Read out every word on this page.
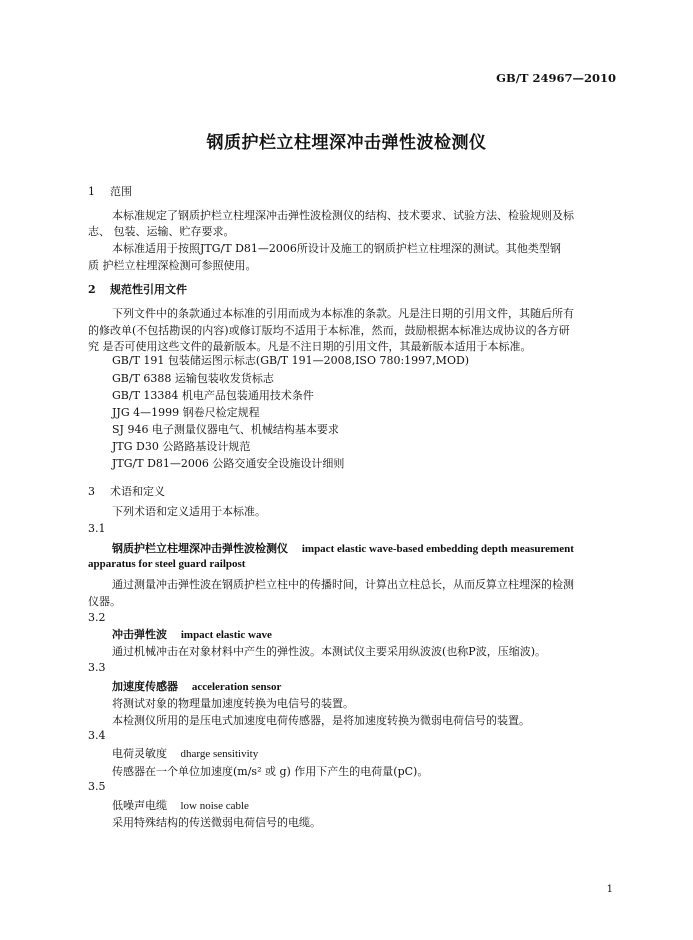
GB/T 24967—2010
钢质护栏立柱埋深冲击弹性波检测仪
1 范围
本标准规定了钢质护栏立柱埋深冲击弹性波检测仪的结构、技术要求、试验方法、检验规则及标
志、 包装、运输、贮存要求。
本标准适用于按照JTG/T D81—2006所设计及施工的钢质护栏立柱埋深的测试。其他类型钢
质 护栏立柱埋深检测可参照使用。
2 规范性引用文件
下列文件中的条款通过本标准的引用而成为本标准的条款。凡是注日期的引用文件，其随后所有
的修改单(不包括勘误的内容)或修订版均不适用于本标准，然而，鼓励根据本标准达成协议的各方研
究 是否可使用这些文件的最新版本。凡是不注日期的引用文件，其最新版本适用于本标准。
GB/T 191 包装储运图示标志(GB/T 191—2008,ISO 780:1997,MOD)
GB/T 6388 运输包装收发货标志
GB/T 13384 机电产品包装通用技术条件
JJG 4—1999 钢卷尺检定规程
SJ 946 电子测量仪器电气、机械结构基本要求
JTG D30 公路路基设计规范
JTG/T D81—2006 公路交通安全设施设计细则
3 术语和定义
下列术语和定义适用于本标准。
3.1
钢质护栏立柱埋深冲击弹性波检测仪 impact elastic wave-based embedding depth measurement
apparatus for steel guard railpost
通过测量冲击弹性波在钢质护栏立柱中的传播时间，计算出立柱总长，从而反算立柱埋深的检测
仪器。
3.2
冲击弹性波 impact elastic wave
通过机械冲击在对象材料中产生的弹性波。本测试仪主要采用纵波波(也称P波，压缩波)。
3.3
加速度传感器 acceleration sensor
将测试对象的物理量加速度转换为电信号的装置。
本检测仪所用的是压电式加速度电荷传感器，是将加速度转换为微弱电荷信号的装置。
3.4
电荷灵敏度 dharge sensitivity
传感器在一个单位加速度(m/s² 或 g) 作用下产生的电荷量(pC)。
3.5
低噪声电缆 low noise cable
采用特殊结构的传送微弱电荷信号的电缆。
1
